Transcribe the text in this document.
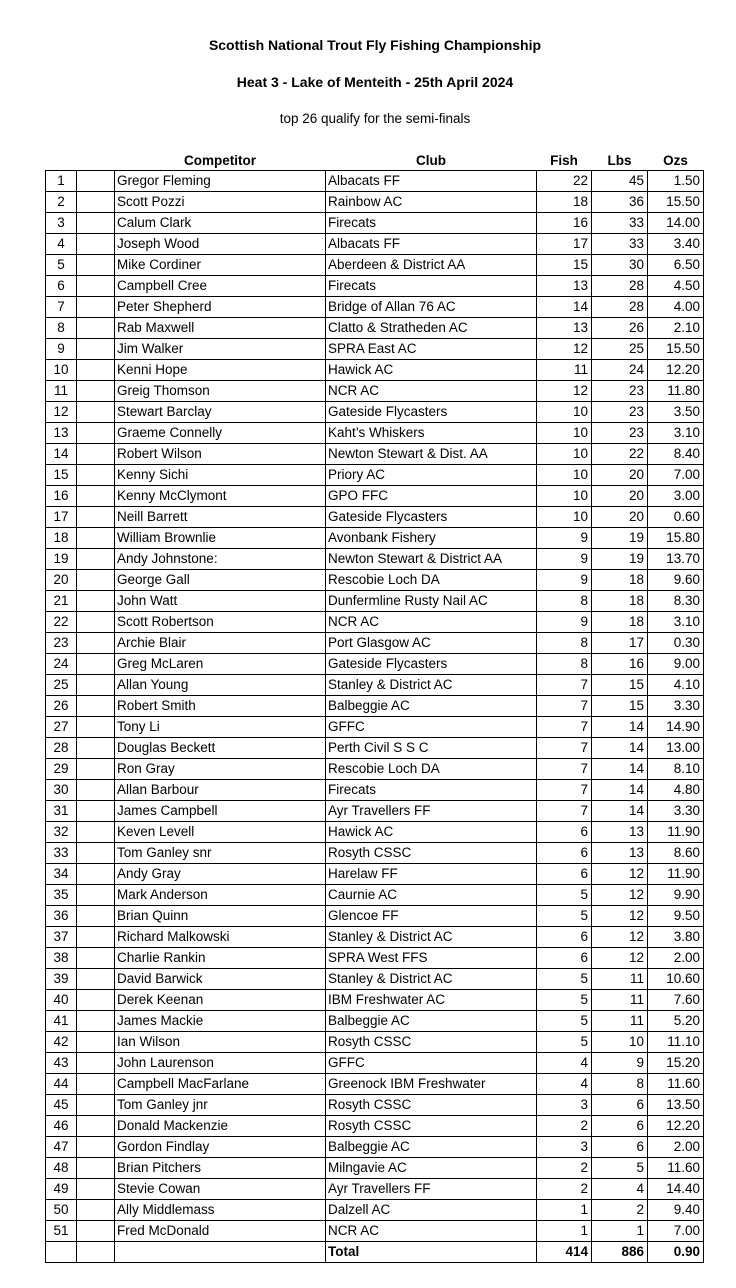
Scottish National Trout Fly Fishing Championship
Heat 3 - Lake of Menteith - 25th April 2024
top 26 qualify for the semi-finals
		Competitor	Club	Fish	Lbs	Ozs
1		Gregor Fleming	Albacats FF	22	45	1.50
2		Scott Pozzi	Rainbow AC	18	36	15.50
3		Calum Clark	Firecats	16	33	14.00
4		Joseph Wood	Albacats FF	17	33	3.40
5		Mike Cordiner	Aberdeen & District AA	15	30	6.50
6		Campbell Cree	Firecats	13	28	4.50
7		Peter Shepherd	Bridge of Allan 76 AC	14	28	4.00
8		Rab Maxwell	Clatto & Stratheden AC	13	26	2.10
9		Jim Walker	SPRA East AC	12	25	15.50
10		Kenni Hope	Hawick AC	11	24	12.20
11		Greig Thomson	NCR AC	12	23	11.80
12		Stewart Barclay	Gateside Flycasters	10	23	3.50
13		Graeme Connelly	Kaht’s Whiskers	10	23	3.10
14		Robert Wilson	Newton Stewart & Dist. AA	10	22	8.40
15		Kenny Sichi	Priory AC	10	20	7.00
16		Kenny McClymont	GPO FFC	10	20	3.00
17		Neill Barrett	Gateside Flycasters	10	20	0.60
18		William Brownlie	Avonbank Fishery	9	19	15.80
19		Andy Johnstone:	Newton Stewart & District AA	9	19	13.70
20		George Gall	Rescobie Loch DA	9	18	9.60
21		John Watt	Dunfermline Rusty Nail AC	8	18	8.30
22		Scott Robertson	NCR AC	9	18	3.10
23		Archie Blair	Port Glasgow AC	8	17	0.30
24		Greg McLaren	Gateside Flycasters	8	16	9.00
25		Allan Young	Stanley & District AC	7	15	4.10
26		Robert Smith	Balbeggie AC	7	15	3.30
27		Tony Li	GFFC	7	14	14.90
28		Douglas Beckett	Perth Civil S S C	7	14	13.00
29		Ron Gray	Rescobie Loch DA	7	14	8.10
30		Allan Barbour	Firecats	7	14	4.80
31		James Campbell	Ayr Travellers FF	7	14	3.30
32		Keven Levell	Hawick AC	6	13	11.90
33		Tom Ganley snr	Rosyth CSSC	6	13	8.60
34		Andy Gray	Harelaw FF	6	12	11.90
35		Mark Anderson	Caurnie AC	5	12	9.90
36		Brian Quinn	Glencoe FF	5	12	9.50
37		Richard Malkowski	Stanley & District AC	6	12	3.80
38		Charlie Rankin	SPRA West FFS	6	12	2.00
39		David Barwick	Stanley & District AC	5	11	10.60
40		Derek Keenan	IBM Freshwater AC	5	11	7.60
41		James Mackie	Balbeggie AC	5	11	5.20
42		Ian Wilson	Rosyth CSSC	5	10	11.10
43		John Laurenson	GFFC	4	9	15.20
44		Campbell MacFarlane	Greenock IBM Freshwater	4	8	11.60
45		Tom Ganley jnr	Rosyth CSSC	3	6	13.50
46		Donald Mackenzie	Rosyth CSSC	2	6	12.20
47		Gordon Findlay	Balbeggie AC	3	6	2.00
48		Brian Pitchers	Milngavie AC	2	5	11.60
49		Stevie Cowan	Ayr Travellers FF	2	4	14.40
50		Ally Middlemass	Dalzell AC	1	2	9.40
51		Fred McDonald	NCR AC	1	1	7.00
			Total	414	886	0.90
